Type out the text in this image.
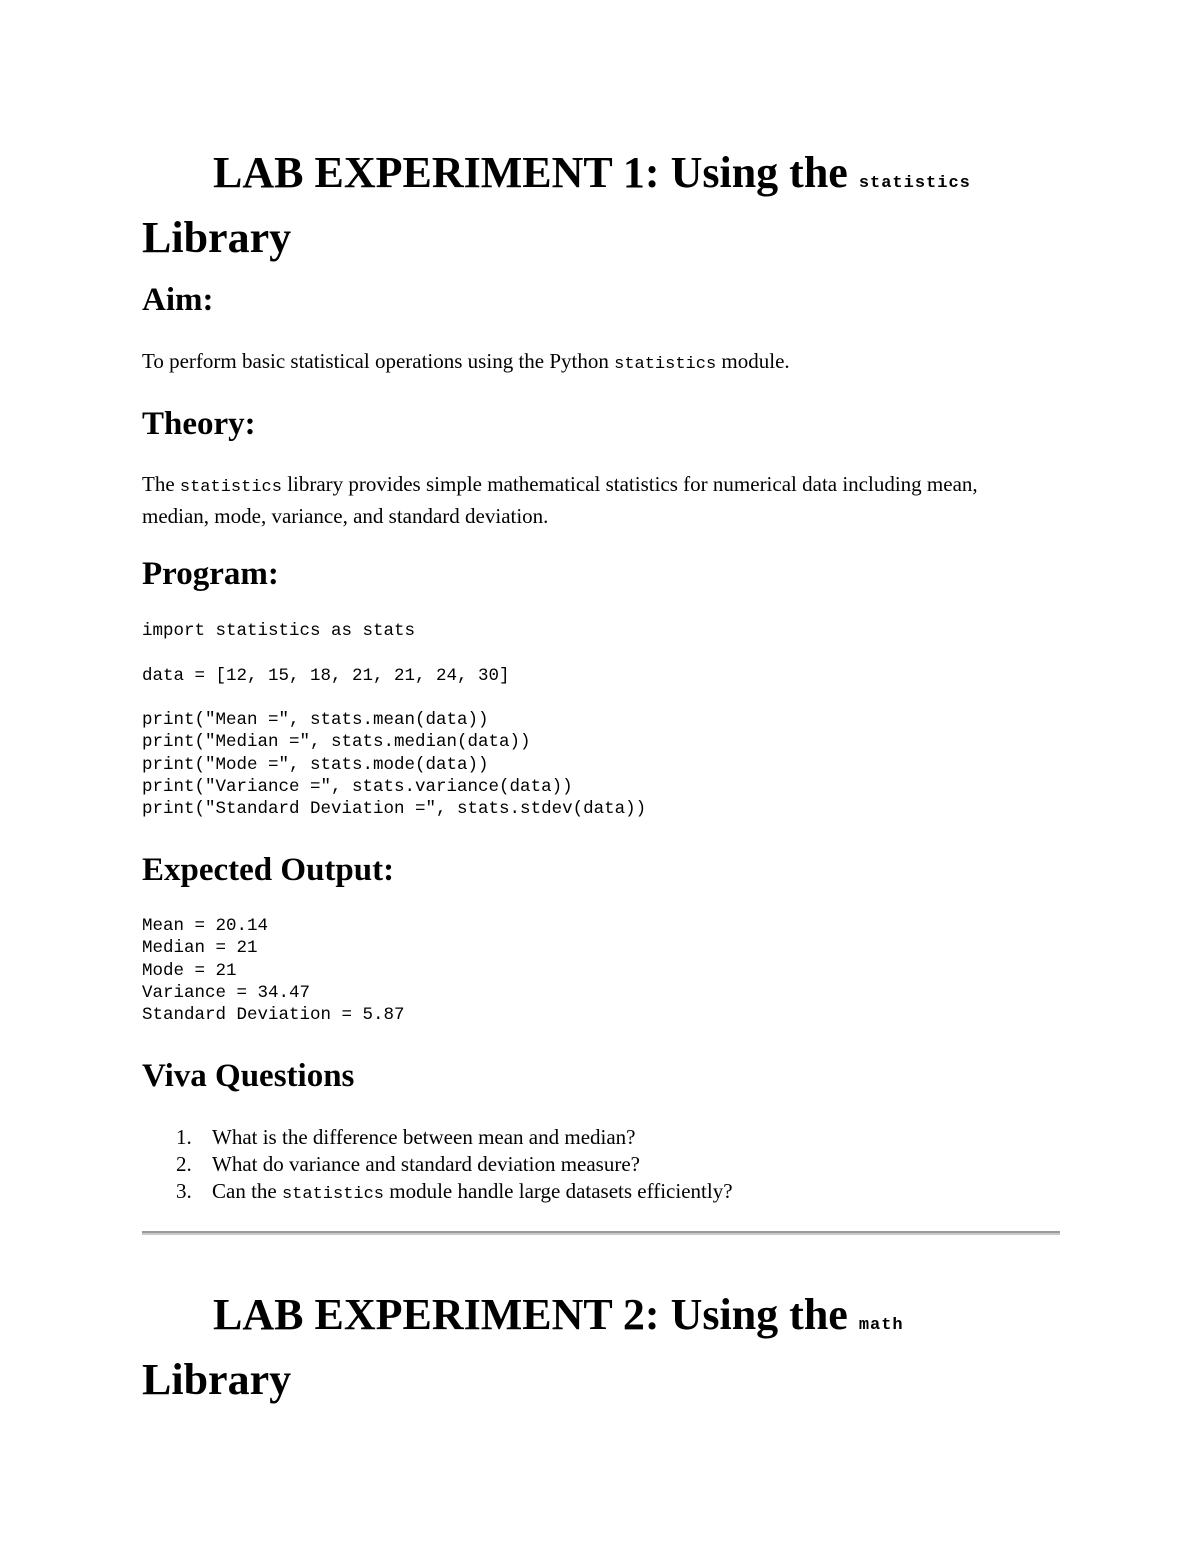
LAB EXPERIMENT 1: Using the statistics Library
Aim:

To perform basic statistical operations using the Python statistics module.

Theory:

The statistics library provides simple mathematical statistics for numerical data including mean, median, mode, variance, and standard deviation.

Program:
import statistics as stats

data = [12, 15, 18, 21, 21, 24, 30]

print("Mean =", stats.mean(data))
print("Median =", stats.median(data))
print("Mode =", stats.mode(data))
print("Variance =", stats.variance(data))
print("Standard Deviation =", stats.stdev(data))
Expected Output:
Mean = 20.14
Median = 21
Mode = 21
Variance = 34.47
Standard Deviation = 5.87
Viva Questions
1. What is the difference between mean and median?
2. What do variance and standard deviation measure?
3. Can the statistics module handle large datasets efficiently?
LAB EXPERIMENT 2: Using the math Library
